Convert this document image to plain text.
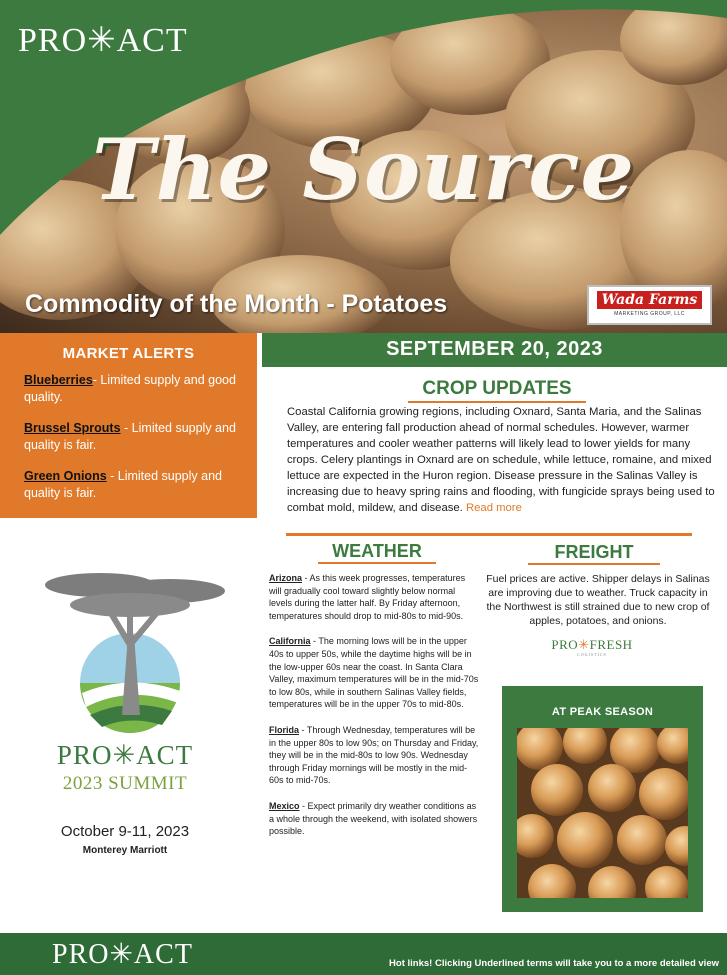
PRO✳ACT
The Source
Commodity of the Month - Potatoes	Wada Farms
MARKETING GROUP, LLC
MARKET ALERTS

Blueberries- Limited supply and good quality.

Brussel Sprouts - Limited supply and quality is fair.

Green Onions - Limited supply and quality is fair.

SEPTEMBER 20, 2023
CROP UPDATES
Coastal California growing regions, including Oxnard, Santa Maria, and the Salinas Valley, are entering fall production ahead of normal schedules. However, warmer temperatures and cooler weather patterns will likely lead to lower yields for many crops. Celery plantings in Oxnard are on schedule, while lettuce, romaine, and mixed lettuce are expected in the Huron region. Disease pressure in the Salinas Valley is increasing due to heavy spring rains and flooding, with fungicide sprays being used to combat mold, mildew, and disease. Read more
WEATHER	FREIGHT

Arizona - As this week progresses, temperatures will gradually cool toward slightly below normal levels during the latter half. By Friday afternoon, temperatures should drop to mid-80s to mid-90s.

California - The morning lows will be in the upper 40s to upper 50s, while the daytime highs will be in the low-upper 60s near the coast. In Santa Clara Valley, maximum temperatures will be in the mid-70s to low 80s, while in southern Salinas Valley fields, temperatures will be in the upper 70s to mid-80s.

Florida - Through Wednesday, temperatures will be in the upper 80s to low 90s; on Thursday and Friday, they will be in the mid-80s to low 90s. Wednesday through Friday mornings will be mostly in the mid-60s to mid-70s.

Mexico - Expect primarily dry weather conditions as a whole through the weekend, with isolated showers possible.

Fuel prices are active. Shipper delays in Salinas are improving due to weather. Truck capacity in the Northwest is still strained due to new crop of apples, potatoes, and onions.
PRO✳FRESH
LOGISTICS
AT PEAK SEASON
PRO✳ACT
2023 SUMMIT
October 9-11, 2023
Monterey Marriott
PRO✳ACT	Hot links! Clicking Underlined terms will take you to a more detailed view
